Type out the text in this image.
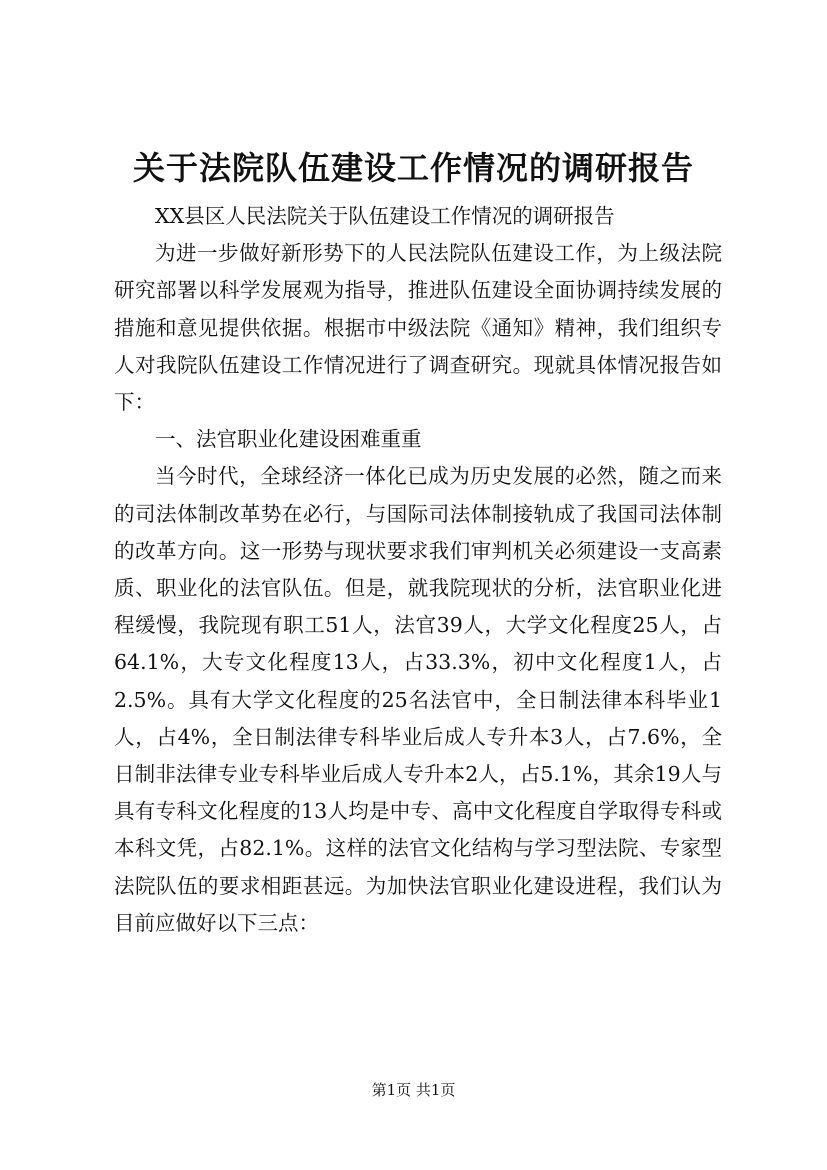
关于法院队伍建设工作情况的调研报告

XX县区人民法院关于队伍建设工作情况的调研报告

为进一步做好新形势下的人民法院队伍建设工作，为上级法院研究部署以科学发展观为指导，推进队伍建设全面协调持续发展的措施和意见提供依据。根据市中级法院《通知》精神，我们组织专人对我院队伍建设工作情况进行了调查研究。现就具体情况报告如下：

一、法官职业化建设困难重重

当今时代，全球经济一体化已成为历史发展的必然，随之而来的司法体制改革势在必行，与国际司法体制接轨成了我国司法体制的改革方向。这一形势与现状要求我们审判机关必须建设一支高素质、职业化的法官队伍。但是，就我院现状的分析，法官职业化进程缓慢，我院现有职工51人，法官39人，大学文化程度25人，占64.1%，大专文化程度13人，占33.3%，初中文化程度1人，占2.5%。具有大学文化程度的25名法官中，全日制法律本科毕业1人，占4%，全日制法律专科毕业后成人专升本3人，占7.6%，全日制非法律专业专科毕业后成人专升本2人，占5.1%，其余19人与具有专科文化程度的13人均是中专、高中文化程度自学取得专科或本科文凭，占82.1%。这样的法官文化结构与学习型法院、专家型法院队伍的要求相距甚远。为加快法官职业化建设进程，我们认为目前应做好以下三点：

第1页 共1页
